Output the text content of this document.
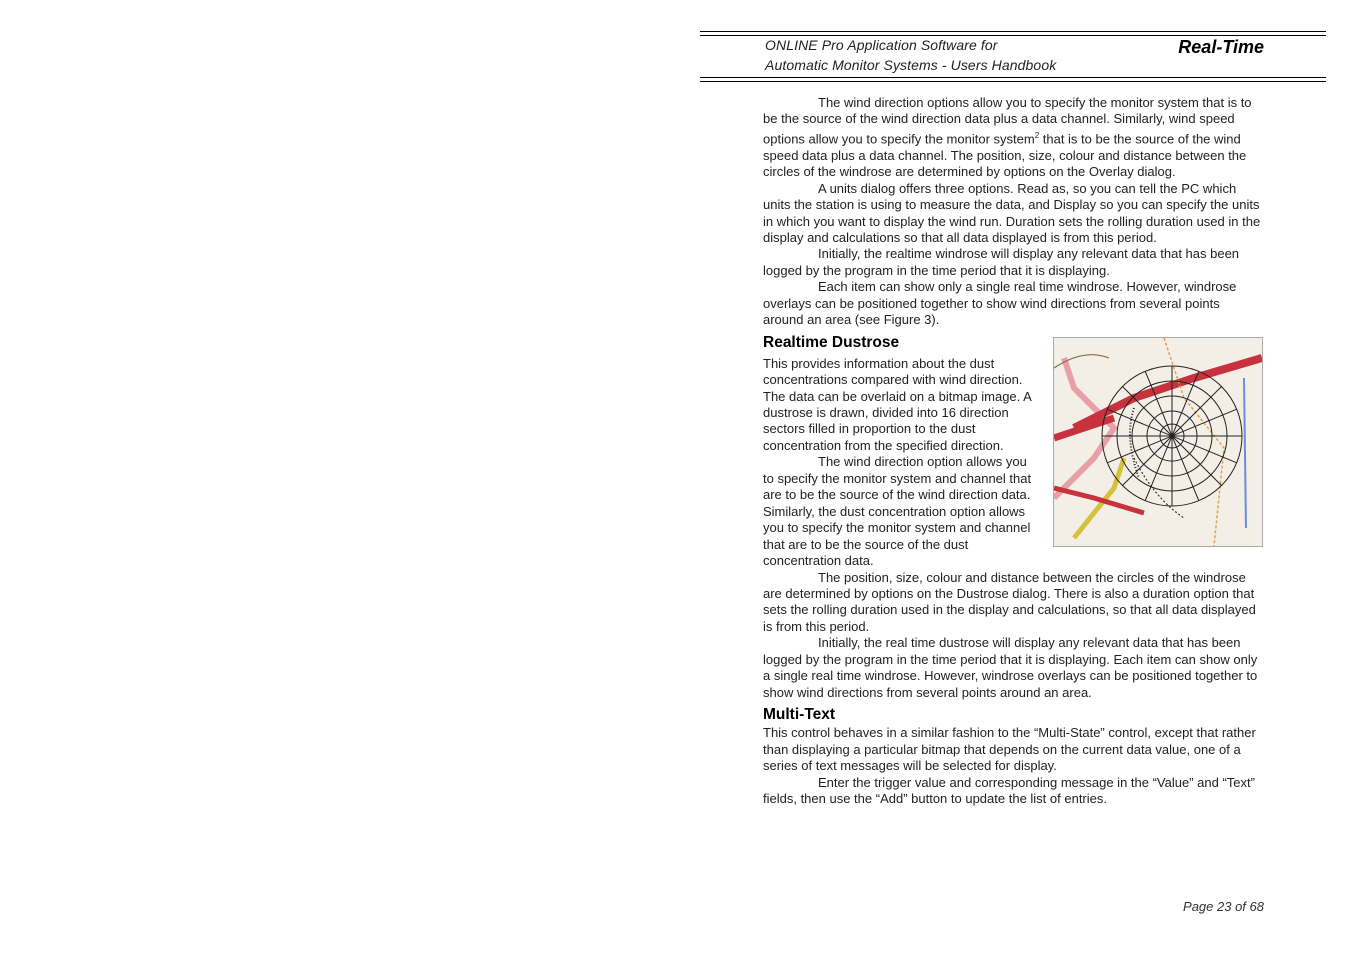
ONLINE Pro Application Software for
Automatic Monitor Systems - Users Handbook
Real-Time

The wind direction options allow you to specify the monitor system that is to be the source of the wind direction data plus a data channel. Similarly, wind speed options allow you to specify the monitor system$^2$ that is to be the source of the wind speed data plus a data channel. The position, size, colour and distance between the circles of the windrose are determined by options on the Overlay dialog.

A units dialog offers three options. Read as, so you can tell the PC which units the station is using to measure the data, and Display so you can specify the units in which you want to display the wind run. Duration sets the rolling duration used in the display and calculations so that all data displayed is from this period.

Initially, the realtime windrose will display any relevant data that has been logged by the program in the time period that it is displaying.

Each item can show only a single real time windrose. However, windrose overlays can be positioned together to show wind directions from several points around an area (see Figure 3).

Realtime Dustrose

This provides information about the dust concentrations compared with wind direction. The data can be overlaid on a bitmap image. A dustrose is drawn, divided into 16 direction sectors filled in proportion to the dust concentration from the specified direction.

The wind direction option allows you to specify the monitor system and channel that are to be the source of the wind direction data. Similarly, the dust concentration option allows you to specify the monitor system and channel that are to be the source of the dust concentration data.

The position, size, colour and distance between the circles of the windrose are determined by options on the Dustrose dialog. There is also a duration option that sets the rolling duration used in the display and calculations, so that all data displayed is from this period.

Initially, the real time dustrose will display any relevant data that has been logged by the program in the time period that it is displaying. Each item can show only a single real time windrose. However, windrose overlays can be positioned together to show wind directions from several points around an area.

Multi-Text

This control behaves in a similar fashion to the “Multi-State” control, except that rather than displaying a particular bitmap that depends on the current data value, one of a series of text messages will be selected for display.

Enter the trigger value and corresponding message in the “Value” and “Text” fields, then use the “Add” button to update the list of entries.

Page 23 of 68
